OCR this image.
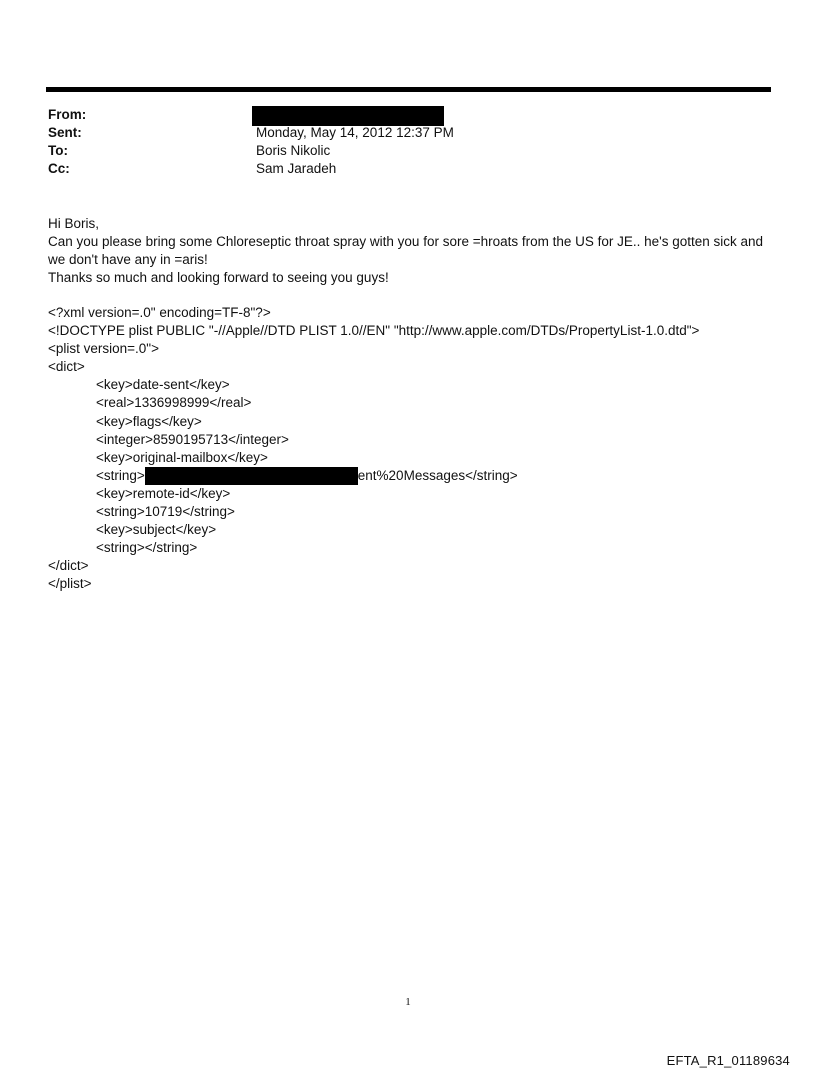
From:
Sent:	Monday, May 14, 2012 12:37 PM
To:	Boris Nikolic
Cc:	Sam Jaradeh

Hi Boris,

Can you please bring some Chloreseptic throat spray with you for sore =hroats from the US for JE.. he's gotten sick and

we don't have any in =aris!

Thanks so much and looking forward to seeing you guys!

<?xml version=.0" encoding=TF-8"?>
<!DOCTYPE plist PUBLIC "-//Apple//DTD PLIST 1.0//EN" "http://www.apple.com/DTDs/PropertyList-1.0.dtd">
<plist version=.0">
<dict>
<key>date-sent</key>
<real>1336998999</real>
<key>flags</key>
<integer>8590195713</integer>
<key>original-mailbox</key>
<string>	ent%20Messages</string>
<key>remote-id</key>
<string>10719</string>
<key>subject</key>
<string></string>
</dict>
</plist>
1
EFTA_R1_01189634
